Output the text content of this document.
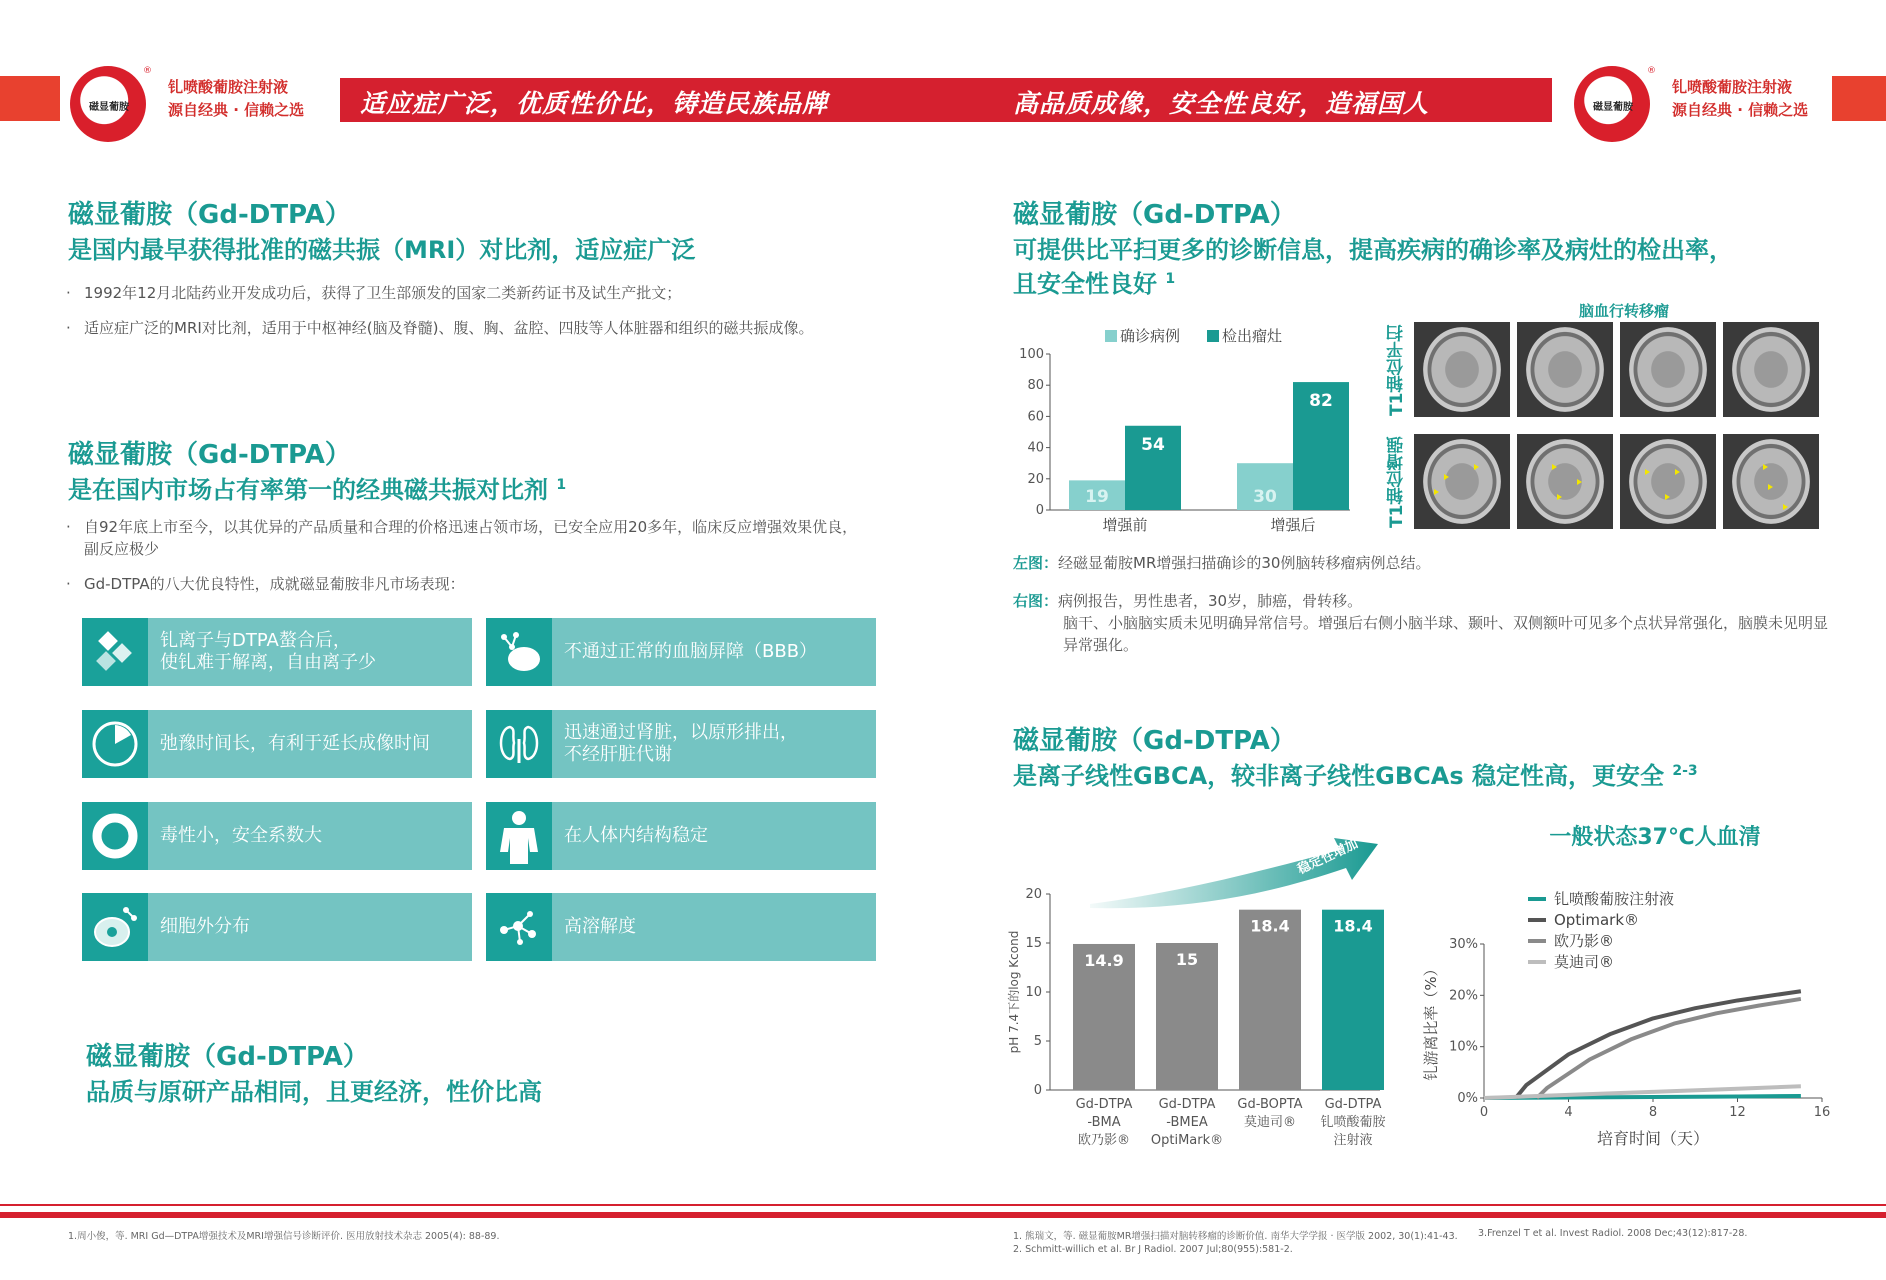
适应症广泛，优质性价比，铸造民族品牌	高品质成像，安全性良好，造福国人
磁显葡胺
®
钆喷酸葡胺注射液
源自经典 · 信赖之选	磁显葡胺
®
钆喷酸葡胺注射液
源自经典 · 信赖之选
磁显葡胺（Gd-DTPA）
是国内最早获得批准的磁共振（MRI）对比剂，适应症广泛
· 1992年12月北陆药业开发成功后，获得了卫生部颁发的国家二类新药证书及试生产批文；
· 适应症广泛的MRI对比剂，适用于中枢神经(脑及脊髓)、腹、胸、盆腔、四肢等人体脏器和组织的磁共振成像。
磁显葡胺（Gd-DTPA）
是在国内市场占有率第一的经典磁共振对比剂 $^1$
· 自92年底上市至今，以其优异的产品质量和合理的价格迅速占领市场，已安全应用20多年，临床反应增强效果优良，副反应极少
· Gd-DTPA的八大优良特性，成就磁显葡胺非凡市场表现：
钆离子与DTPA螯合后，
使钆难于解离，自由离子少
不通过正常的血脑屏障（BBB）
弛豫时间长，有利于延长成像时间
迅速通过肾脏，以原形排出，
不经肝脏代谢
毒性小，安全系数大	在人体内结构稳定
细胞外分布	高溶解度
磁显葡胺（Gd-DTPA）
品质与原研产品相同，且更经济，性价比高
磁显葡胺（Gd-DTPA）
可提供比平扫更多的诊断信息，提高疾病的确诊率及病灶的检出率，
且安全性良好 $^1$
0
20
40
60
80
100
19
54
增强前
30
82
增强后
确诊病例	检出瘤灶
脑血行转移瘤
T1轴位平扫
T1轴位增强
左图：经磁显葡胺MR增强扫描确诊的30例脑转移瘤病例总结。
右图：病例报告，男性患者，30岁，肺癌，骨转移。
脑干、小脑脑实质未见明确异常信号。增强后右侧小脑半球、颞叶、双侧额叶可见多个点状异常强化，脑膜未见明显异常强化。
磁显葡胺（Gd-DTPA）
是离子线性GBCA，较非离子线性GBCAs 稳定性高，更安全 $^{2-3}$
稳定性增加
0
5
10
15
20
pH 7.4下的log Kcond	14.9
Gd-DTPA
-BMA
欧乃影®
15
Gd-DTPA
-BMEA
OptiMark®
18.4
Gd-BOPTA
莫迪司®
18.4
Gd-DTPA
钆喷酸葡胺
注射液
一般状态37℃人血清
0%
10%
20%
30%
0	4	8	12	16
培育时间（天）
钆游离比率（%）
钆喷酸葡胺注射液
Optimark®
欧乃影®
莫迪司®
1.周小俊，等. MRI Gd—DTPA增强技术及MRI增强信号诊断评价. 医用放射技术杂志 2005(4): 88-89.	1. 熊瑞文，等. 磁显葡胺MR增强扫描对脑转移瘤的诊断价值. 南华大学学报 · 医学版 2002, 30(1):41-43.
2. Schmitt-willich et al. Br J Radiol. 2007 Jul;80(955):581-2.
3.Frenzel T et al. Invest Radiol. 2008 Dec;43(12):817-28.
